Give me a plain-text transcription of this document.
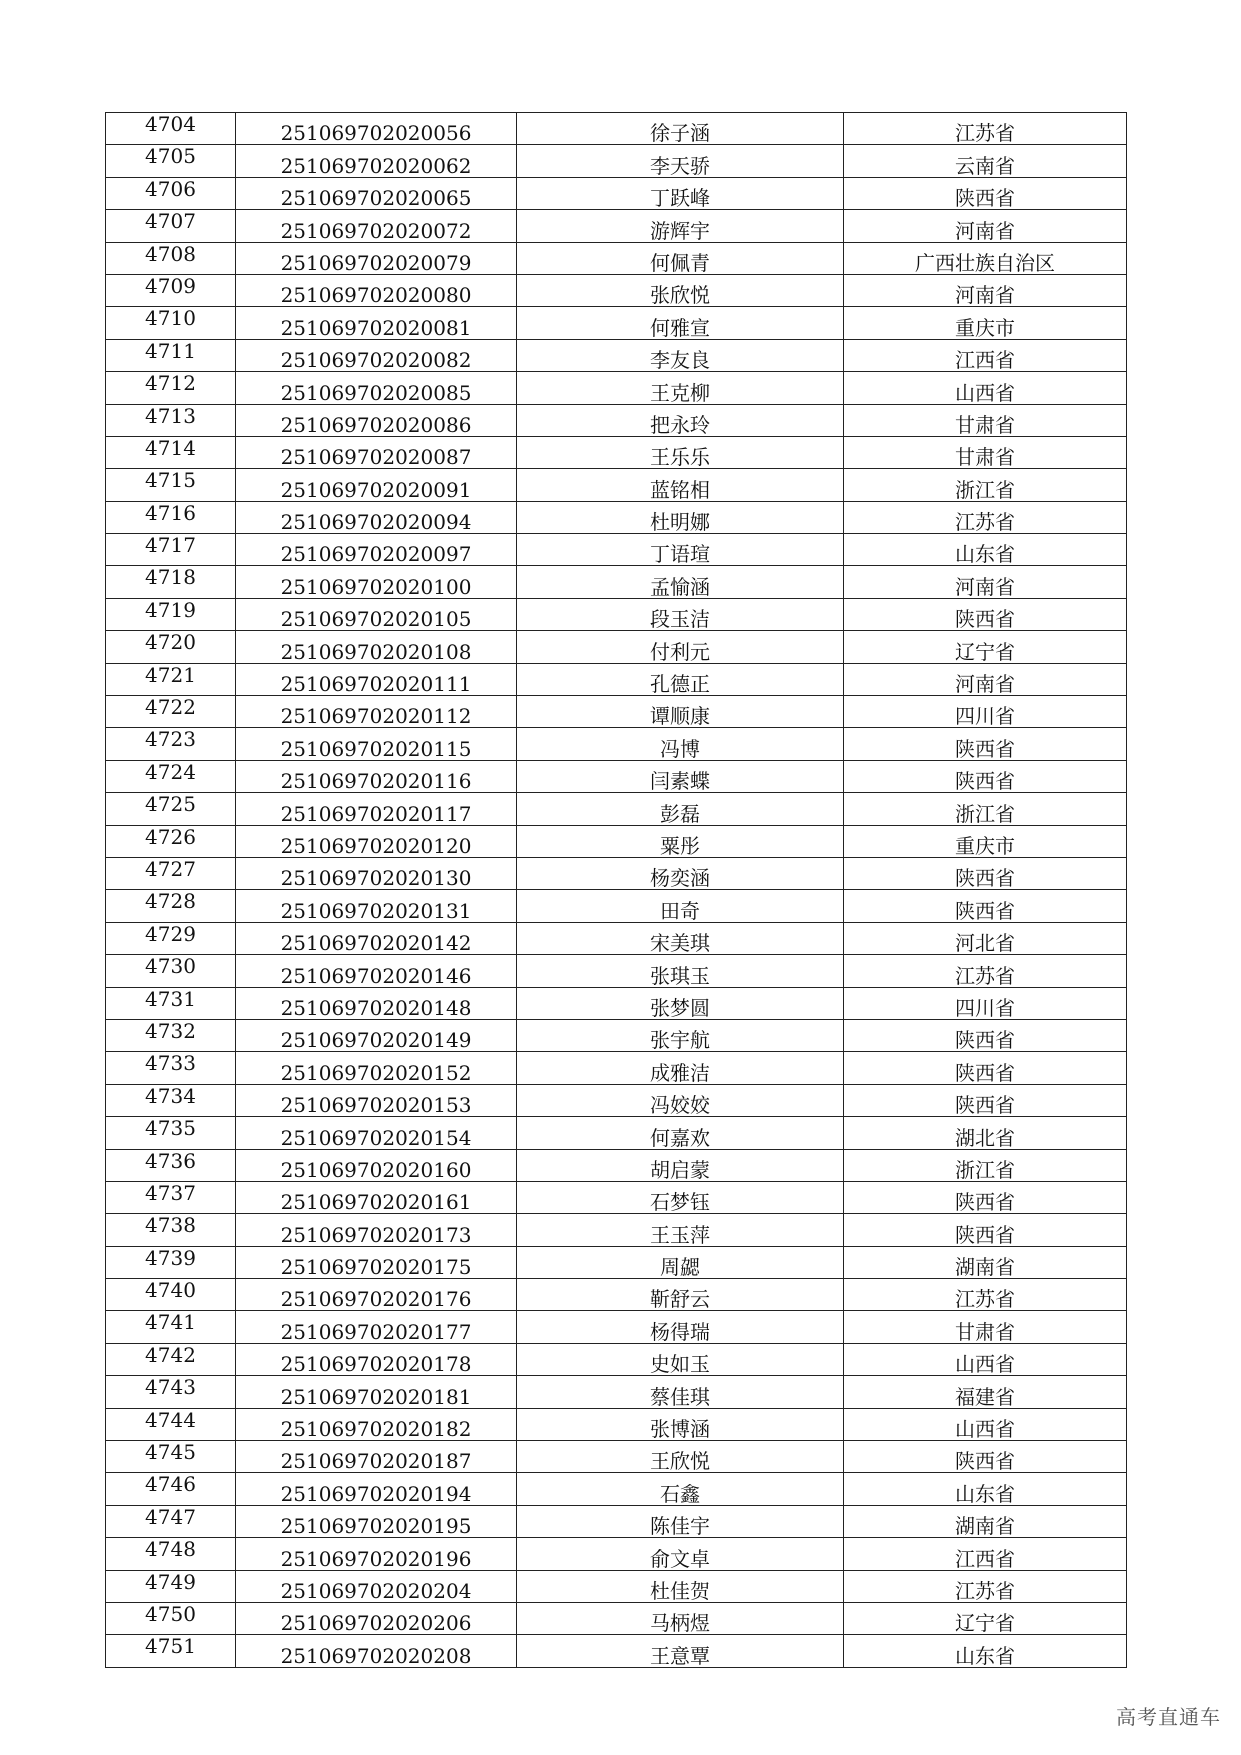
4704	251069702020056	徐子涵	江苏省
4705	251069702020062	李天骄	云南省
4706	251069702020065	丁跃峰	陕西省
4707	251069702020072	游辉宇	河南省
4708	251069702020079	何佩青	广西壮族自治区
4709	251069702020080	张欣悦	河南省
4710	251069702020081	何雅宣	重庆市
4711	251069702020082	李友良	江西省
4712	251069702020085	王克柳	山西省
4713	251069702020086	把永玲	甘肃省
4714	251069702020087	王乐乐	甘肃省
4715	251069702020091	蓝铭相	浙江省
4716	251069702020094	杜明娜	江苏省
4717	251069702020097	丁语瑄	山东省
4718	251069702020100	孟愉涵	河南省
4719	251069702020105	段玉洁	陕西省
4720	251069702020108	付利元	辽宁省
4721	251069702020111	孔德正	河南省
4722	251069702020112	谭顺康	四川省
4723	251069702020115	冯博	陕西省
4724	251069702020116	闫素蝶	陕西省
4725	251069702020117	彭磊	浙江省
4726	251069702020120	粟彤	重庆市
4727	251069702020130	杨奕涵	陕西省
4728	251069702020131	田奇	陕西省
4729	251069702020142	宋美琪	河北省
4730	251069702020146	张琪玉	江苏省
4731	251069702020148	张梦圆	四川省
4732	251069702020149	张宇航	陕西省
4733	251069702020152	成雅洁	陕西省
4734	251069702020153	冯姣姣	陕西省
4735	251069702020154	何嘉欢	湖北省
4736	251069702020160	胡启蒙	浙江省
4737	251069702020161	石梦钰	陕西省
4738	251069702020173	王玉萍	陕西省
4739	251069702020175	周勰	湖南省
4740	251069702020176	靳舒云	江苏省
4741	251069702020177	杨得瑞	甘肃省
4742	251069702020178	史如玉	山西省
4743	251069702020181	蔡佳琪	福建省
4744	251069702020182	张博涵	山西省
4745	251069702020187	王欣悦	陕西省
4746	251069702020194	石鑫	山东省
4747	251069702020195	陈佳宇	湖南省
4748	251069702020196	俞文卓	江西省
4749	251069702020204	杜佳贺	江苏省
4750	251069702020206	马柄煜	辽宁省
4751	251069702020208	王意覃	山东省
高考直通车
